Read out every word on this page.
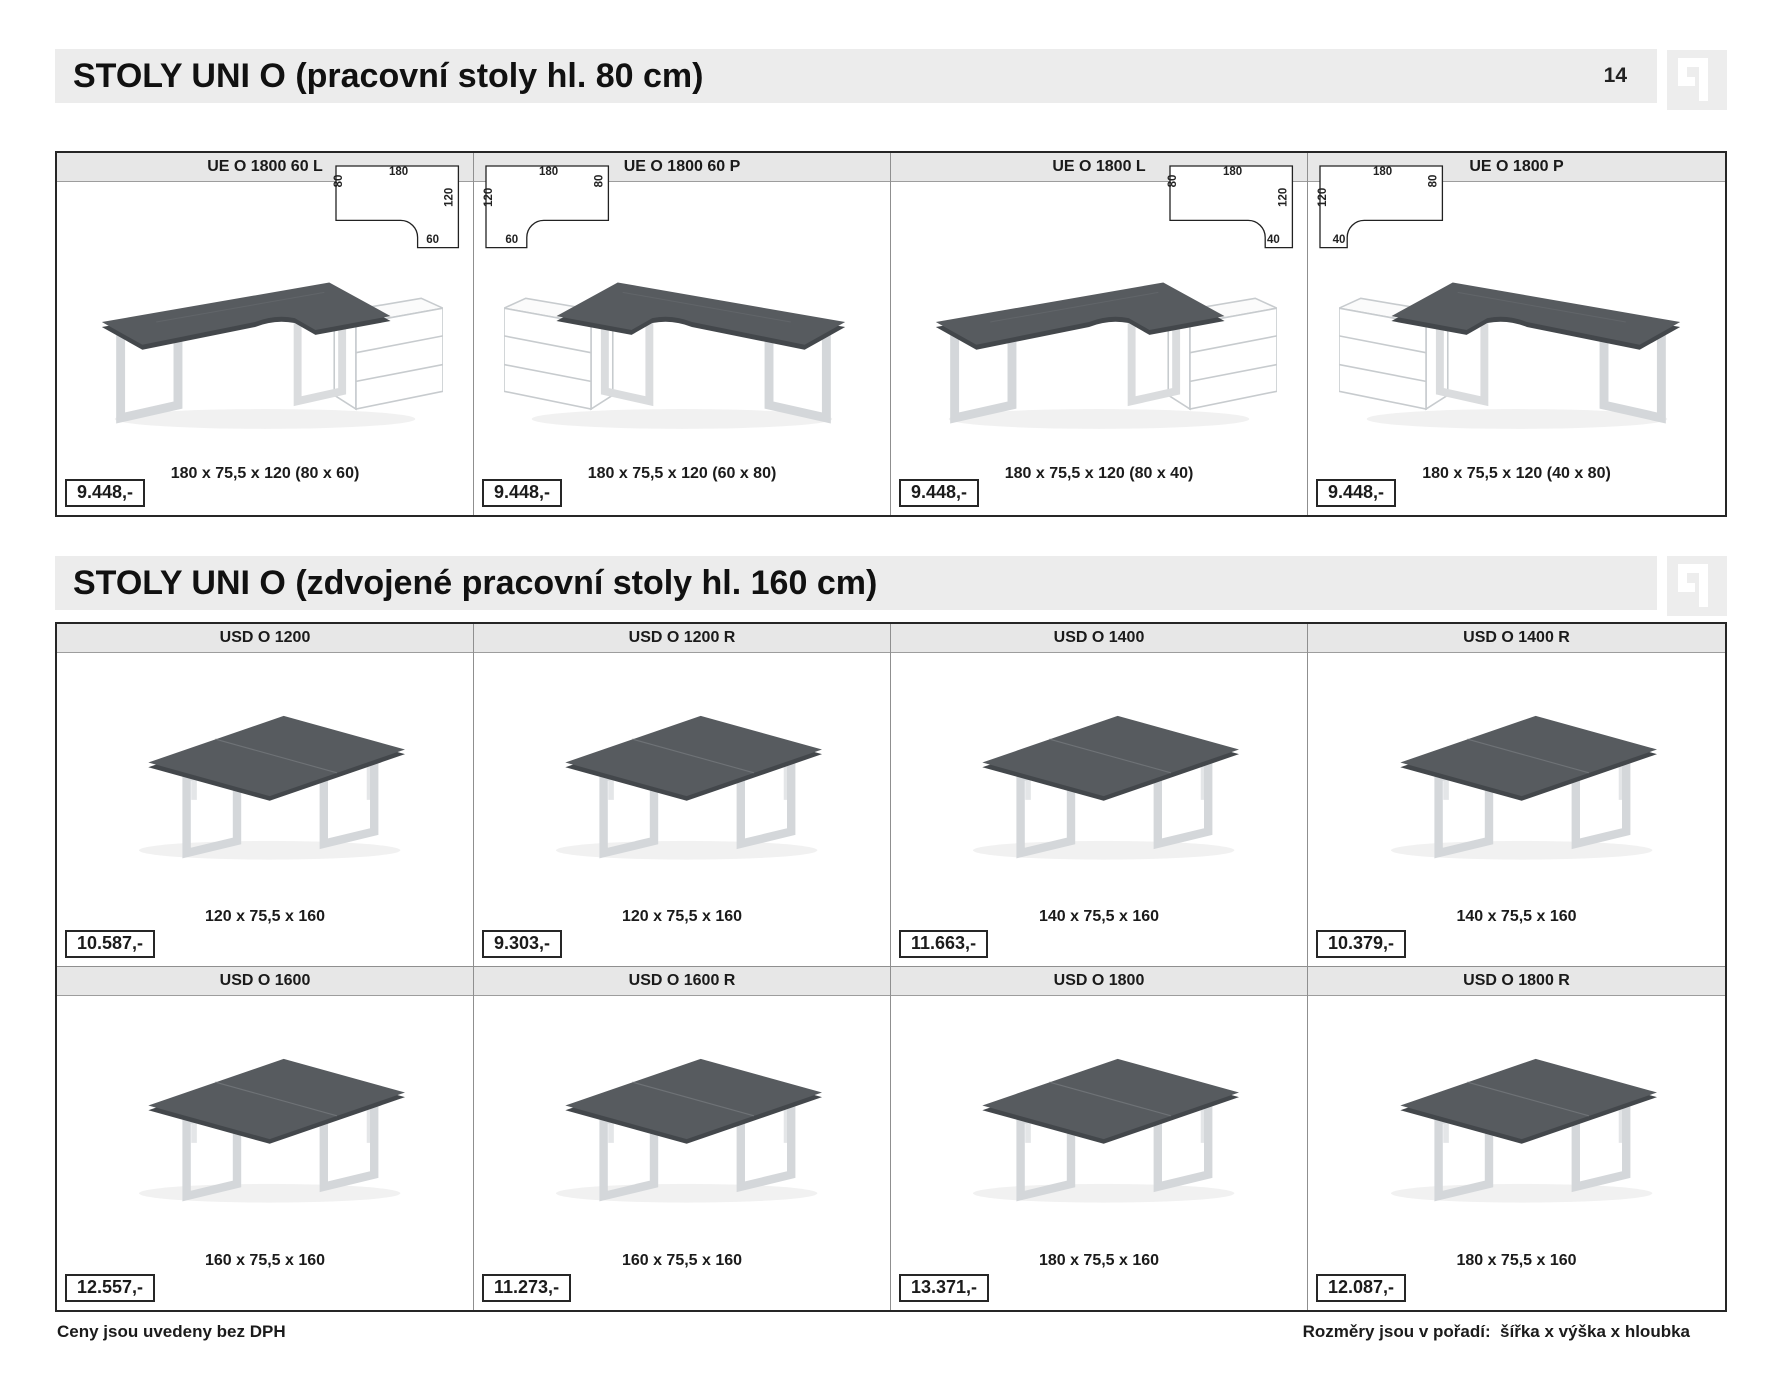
STOLY UNI O (pracovní stoly hl. 80 cm)	14
UE O 1800 60 L	180
80
120
60
180 x 75,5 x 120 (80 x 60)
9.448,-
UE O 1800 60 P
180
80
120
60
180 x 75,5 x 120 (60 x 80)
9.448,-
UE O 1800 L	180
80
120
40
180 x 75,5 x 120 (80 x 40)
9.448,-
UE O 1800 P
180
80
120
40
180 x 75,5 x 120 (40 x 80)
9.448,-
STOLY UNI O (zdvojené pracovní stoly hl. 160 cm)
USD O 1200
120 x 75,5 x 160
10.587,-
USD O 1200 R
120 x 75,5 x 160
9.303,-
USD O 1400
140 x 75,5 x 160
11.663,-
USD O 1400 R
140 x 75,5 x 160
10.379,-
USD O 1600
160 x 75,5 x 160
12.557,-
USD O 1600 R
160 x 75,5 x 160
11.273,-
USD O 1800
180 x 75,5 x 160
13.371,-
USD O 1800 R
180 x 75,5 x 160
12.087,-
Ceny jsou uvedeny bez DPH	Rozměry jsou v pořadí:  šířka x výška x hloubka
